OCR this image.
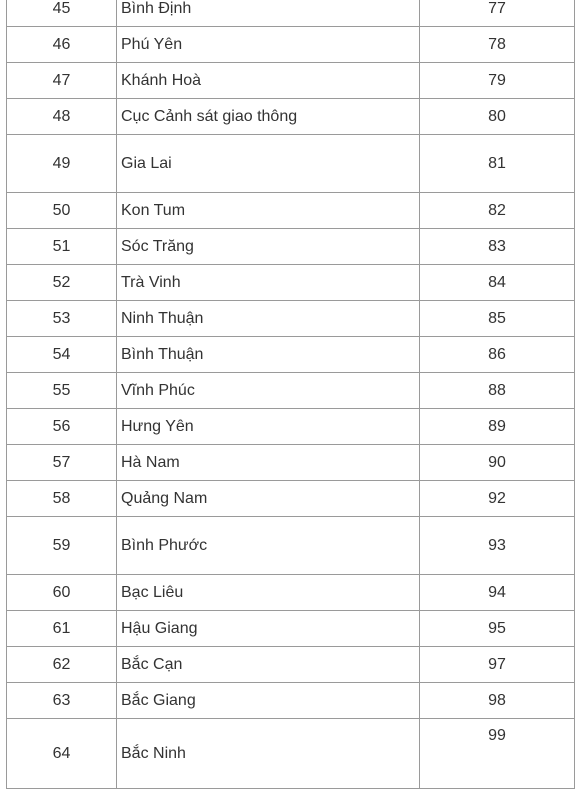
45	Bình Định	77
46	Phú Yên	78
47	Khánh Hoà	79
48	Cục Cảnh sát giao thông	80
49	Gia Lai	81
50	Kon Tum	82
51	Sóc Trăng	83
52	Trà Vinh	84
53	Ninh Thuận	85
54	Bình Thuận	86
55	Vĩnh Phúc	88
56	Hưng Yên	89
57	Hà Nam	90
58	Quảng Nam	92
59	Bình Phước	93
60	Bạc Liêu	94
61	Hậu Giang	95
62	Bắc Cạn	97
63	Bắc Giang	98
64	Bắc Ninh	99
